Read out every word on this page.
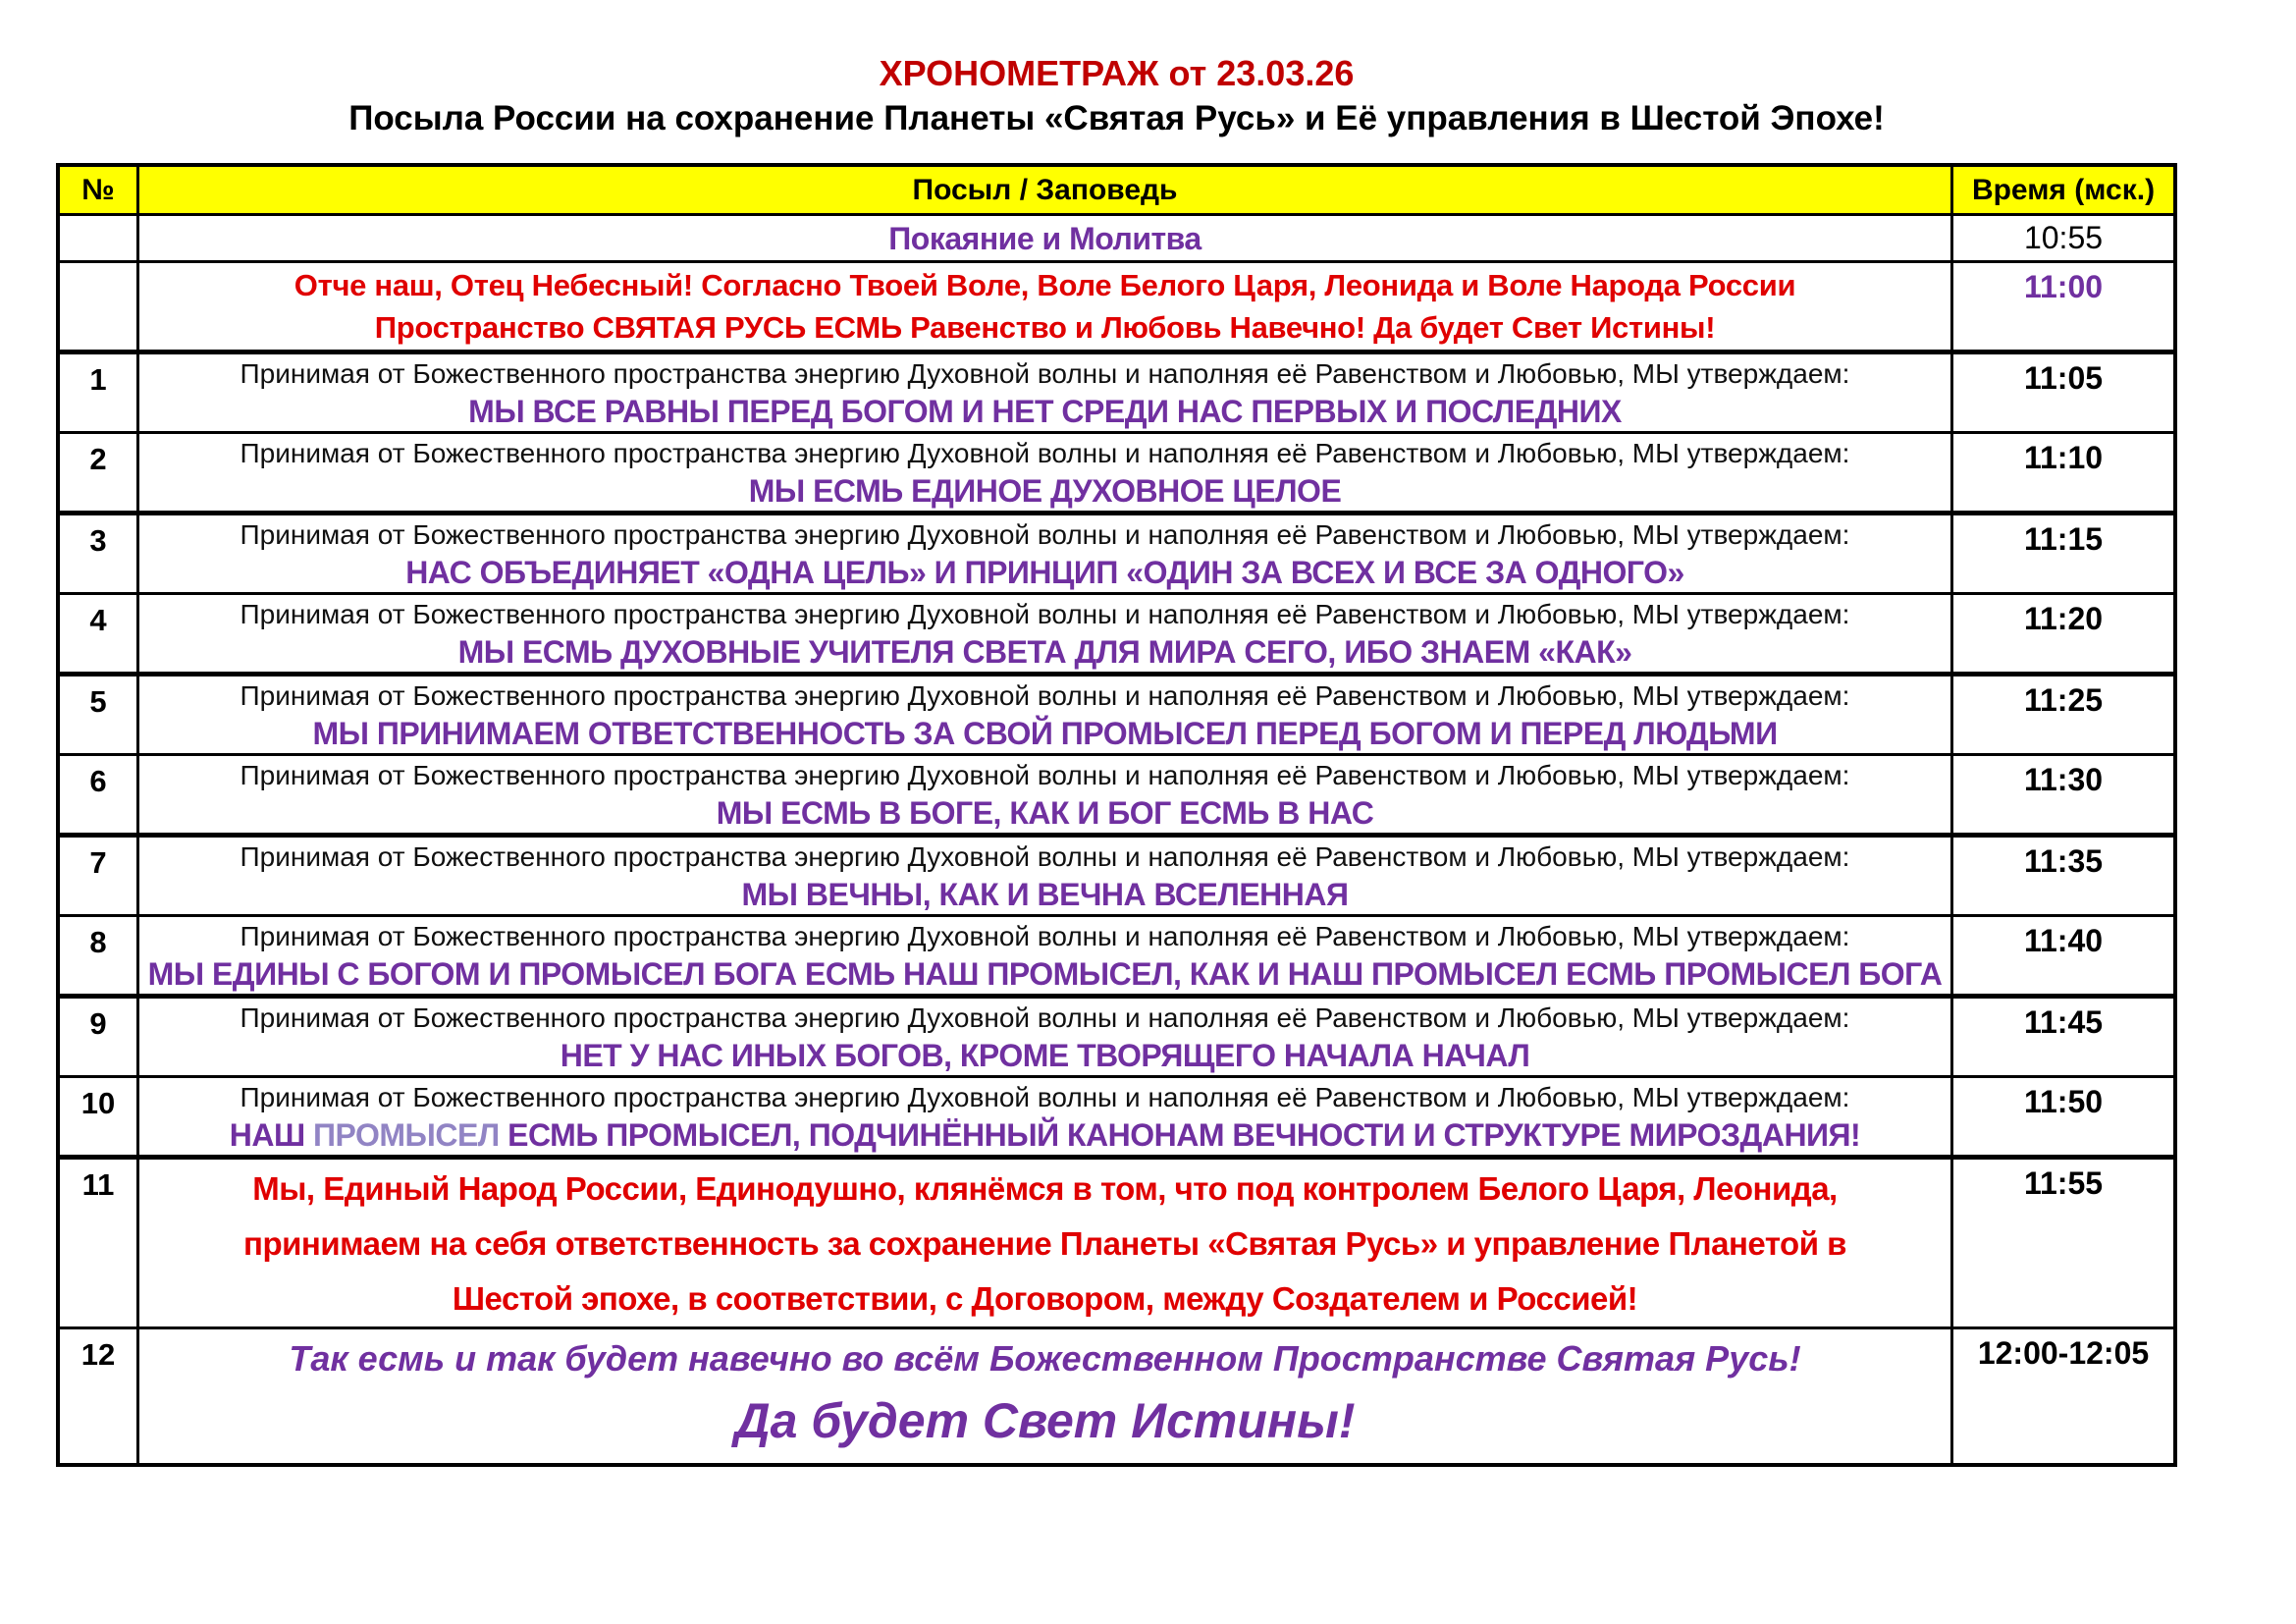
ХРОНОМЕТРАЖ от 23.03.26
Посыла России на сохранение Планеты «Святая Русь» и Её управления в Шестой Эпохе!
№	Посыл / Заповедь	Время (мск.)
Покаяние и Молитва	10:55
Отче наш, Отец Небесный! Согласно Твоей Воле, Воле Белого Царя, Леонида и Воле Народа России
Пространство СВЯТАЯ РУСЬ ЕСМЬ Равенство и Любовь Навечно! Да будет Свет Истины!
11:00
1	Принимая от Божественного пространства энергию Духовной волны и наполняя её Равенством и Любовью, МЫ утверждаем:
МЫ ВСЕ РАВНЫ ПЕРЕД БОГОМ И НЕТ СРЕДИ НАС ПЕРВЫХ И ПОСЛЕДНИХ
11:05
2	Принимая от Божественного пространства энергию Духовной волны и наполняя её Равенством и Любовью, МЫ утверждаем:
МЫ ЕСМЬ ЕДИНОЕ ДУХОВНОЕ ЦЕЛОЕ
11:10
3	Принимая от Божественного пространства энергию Духовной волны и наполняя её Равенством и Любовью, МЫ утверждаем:
НАС ОБЪЕДИНЯЕТ «ОДНА ЦЕЛЬ» И ПРИНЦИП «ОДИН ЗА ВСЕХ И ВСЕ ЗА ОДНОГО»
11:15
4	Принимая от Божественного пространства энергию Духовной волны и наполняя её Равенством и Любовью, МЫ утверждаем:
МЫ ЕСМЬ ДУХОВНЫЕ УЧИТЕЛЯ СВЕТА ДЛЯ МИРА СЕГО, ИБО ЗНАЕМ «КАК»
11:20
5	Принимая от Божественного пространства энергию Духовной волны и наполняя её Равенством и Любовью, МЫ утверждаем:
МЫ ПРИНИМАЕМ ОТВЕТСТВЕННОСТЬ ЗА СВОЙ ПРОМЫСЕЛ ПЕРЕД БОГОМ И ПЕРЕД ЛЮДЬМИ
11:25
6	Принимая от Божественного пространства энергию Духовной волны и наполняя её Равенством и Любовью, МЫ утверждаем:
МЫ ЕСМЬ В БОГЕ, КАК И БОГ ЕСМЬ В НАС
11:30
7	Принимая от Божественного пространства энергию Духовной волны и наполняя её Равенством и Любовью, МЫ утверждаем:
МЫ ВЕЧНЫ, КАК И ВЕЧНА ВСЕЛЕННАЯ
11:35
8	Принимая от Божественного пространства энергию Духовной волны и наполняя её Равенством и Любовью, МЫ утверждаем:
МЫ ЕДИНЫ С БОГОМ И ПРОМЫСЕЛ БОГА ЕСМЬ НАШ ПРОМЫСЕЛ, КАК И НАШ ПРОМЫСЕЛ ЕСМЬ ПРОМЫСЕЛ БОГА
11:40
9	Принимая от Божественного пространства энергию Духовной волны и наполняя её Равенством и Любовью, МЫ утверждаем:
НЕТ У НАС ИНЫХ БОГОВ, КРОМЕ ТВОРЯЩЕГО НАЧАЛА НАЧАЛ
11:45
10	Принимая от Божественного пространства энергию Духовной волны и наполняя её Равенством и Любовью, МЫ утверждаем:
НАШ ПРОМЫСЕЛ ЕСМЬ ПРОМЫСЕЛ, ПОДЧИНЁННЫЙ КАНОНАМ ВЕЧНОСТИ И СТРУКТУРЕ МИРОЗДАНИЯ!
11:50
11	Мы, Единый Народ России, Единодушно, клянёмся в том, что под контролем Белого Царя, Леонида,
принимаем на себя ответственность за сохранение Планеты «Святая Русь» и управление Планетой в
Шестой эпохе, в соответствии, с Договором, между Создателем и Россией!
11:55
12	Так есмь и так будет навечно во всём Божественном Пространстве Святая Русь!
Да будет Свет Истины!
12:00-12:05
